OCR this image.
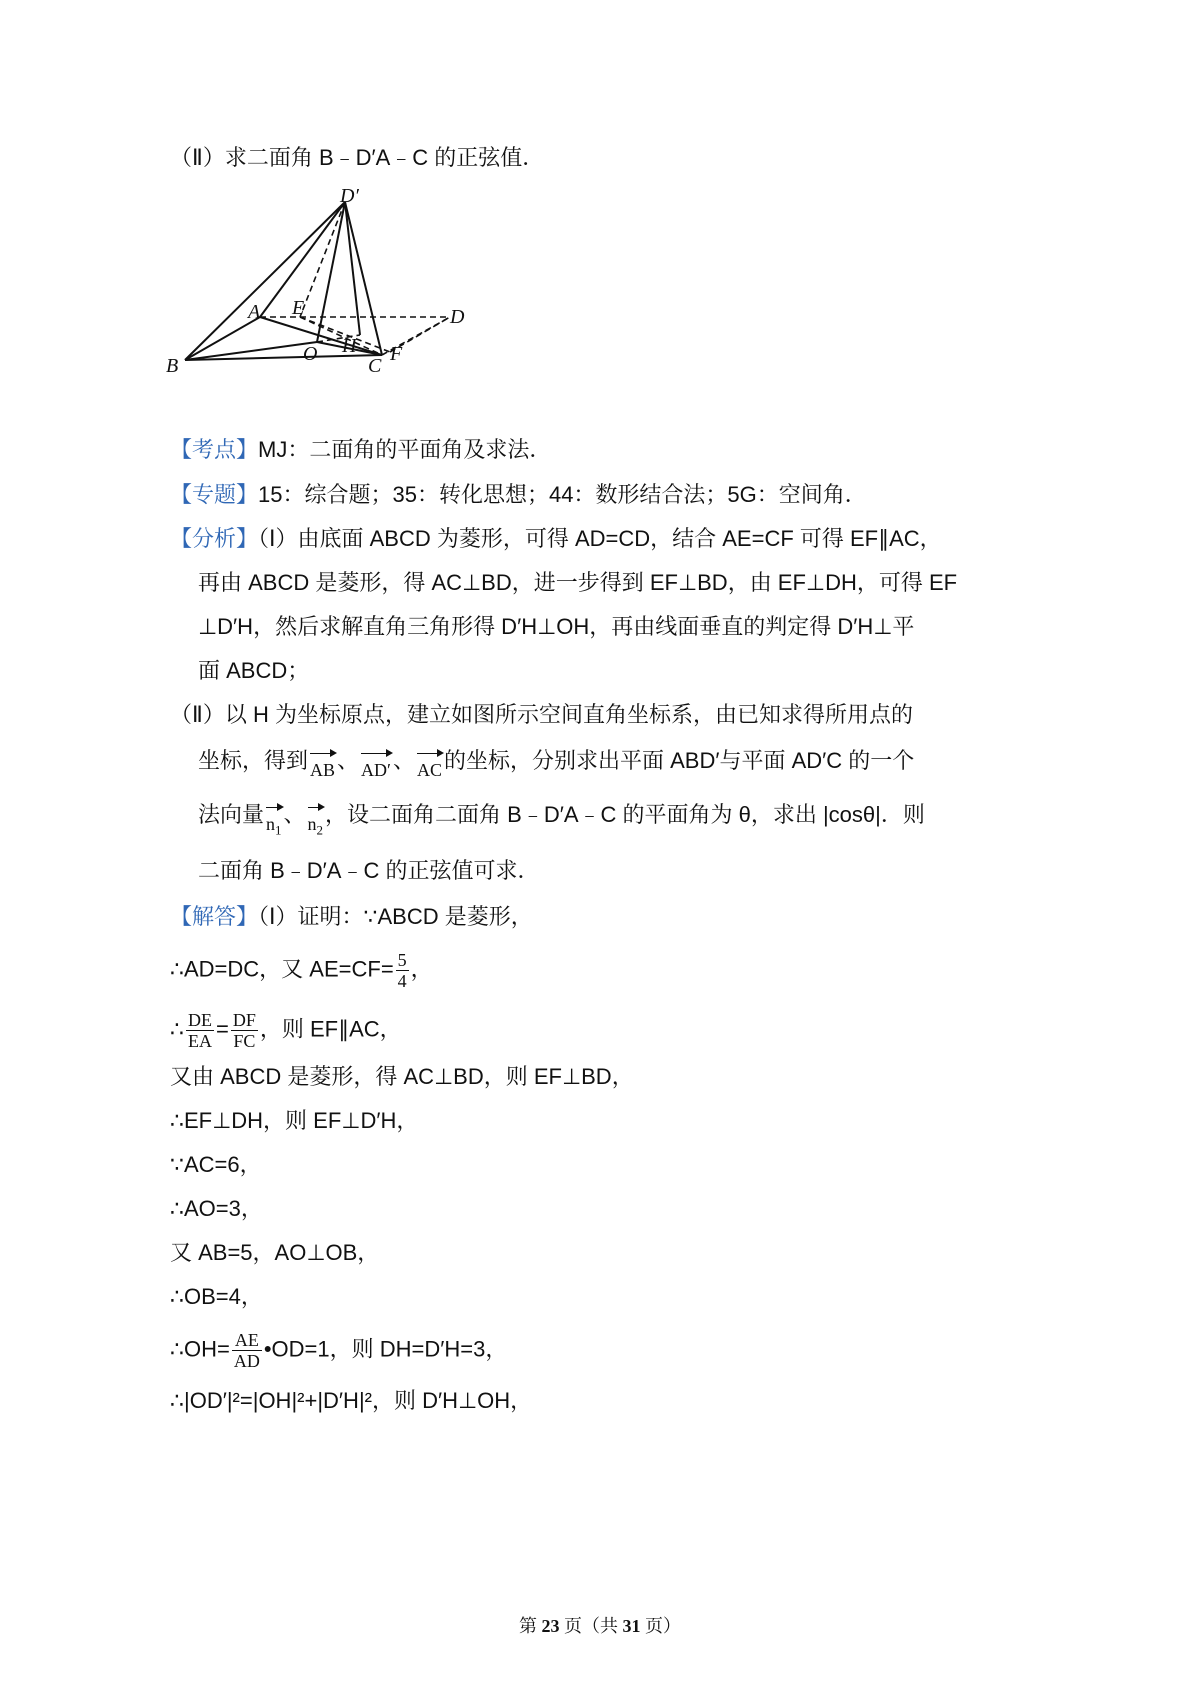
（Ⅱ）求二面角 B﹣D′A﹣C 的正弦值．
D′
A E	D
B
O H
C
F
【考点】MJ：二面角的平面角及求法．
【专题】15：综合题；35：转化思想；44：数形结合法；5G：空间角．
【分析】（Ⅰ）由底面 ABCD 为菱形，可得 AD=CD，结合 AE=CF 可得 EF∥AC，
再由 ABCD 是菱形，得 AC⊥BD，进一步得到 EF⊥BD，由 EF⊥DH，可得 EF
⊥D′H，然后求解直角三角形得 D′H⊥OH，再由线面垂直的判定得 D′H⊥平
面 ABCD；
（Ⅱ）以 H 为坐标原点，建立如图所示空间直角坐标系，由已知求得所用点的
坐标，得到 AB、 AD′、 AC的坐标，分别求出平面 ABD′与平面 AD′C 的一个
法向量 $n_1$、 $n_2$，设二面角二面角 B﹣D′A﹣C 的平面角为 θ，求出 |cosθ|．则
二面角 B﹣D′A﹣C 的正弦值可求．
【解答】（Ⅰ）证明：∵ABCD 是菱形，
∴AD=DC，又 $AE=CF= \frac{5}{4}$ ，
∴ $\frac{DE}{EA} = \frac{DF}{FC}$ ，则 EF∥AC，
又由 ABCD 是菱形，得 AC⊥BD，则 EF⊥BD，
∴EF⊥DH，则 EF⊥D′H，
∵AC=6，
∴AO=3，
又 AB=5，AO⊥OB，
∴OB=4，
∴OH= $\frac{AE}{AD}$ •OD=1，则 DH=D′H=3，
∴|OD′|²=|OH|²+|D′H|²，则 D′H⊥OH，
第 23 页（共 31 页）
